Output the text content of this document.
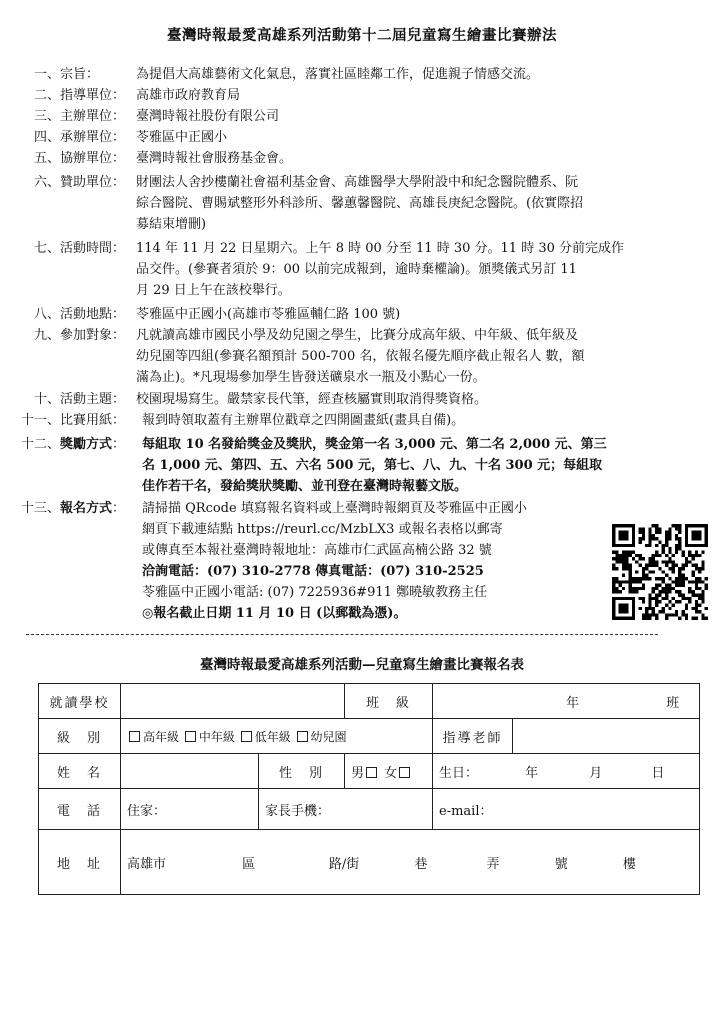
臺灣時報最愛高雄系列活動第十二屆兒童寫生繪畫比賽辦法
一、宗旨：	為提倡大高雄藝術文化氣息，落實社區睦鄰工作，促進親子情感交流。
二、指導單位： 高雄市政府教育局
三、主辦單位： 臺灣時報社股份有限公司
四、承辦單位： 苓雅區中正國小
五、協辦單位： 臺灣時報社會服務基金會。
六、贊助單位： 財團法人舍抄樓蘭社會福利基金會、高雄醫學大學附設中和紀念醫院體系、阮
綜合醫院、曹賜斌整形外科診所、馨蕙馨醫院、高雄長庚紀念醫院。(依實際招
募結束增刪)
七、活動時間： 114 年 11 月 22 日星期六。上午 8 時 00 分至 11 時 30 分。11 時 30 分前完成作
品交件。(參賽者須於 9：00 以前完成報到，逾時棄權論)。頒獎儀式另訂 11
月 29 日上午在該校舉行。
八、活動地點： 苓雅區中正國小(高雄市苓雅區輔仁路 100 號)
九、參加對象： 凡就讀高雄市國民小學及幼兒園之學生，比賽分成高年級、中年級、低年級及
幼兒園等四組(參賽名額預計 500-700 名，依報名優先順序截止報名人 數，額
滿為止)。*凡現場參加學生皆發送礦泉水一瓶及小點心一份。
十、活動主題： 校園現場寫生。嚴禁家長代筆，經查核屬實則取消得獎資格。
十一、比賽用紙： 報到時領取蓋有主辦單位戳章之四開圖畫紙(畫具自備)。
十二、獎勵方式： 每組取 10 名發給獎金及獎狀，獎金第一名 3,000 元、第二名 2,000 元、第三
名 1,000 元、第四、五、六名 500 元，第七、八、九、十名 300 元；每組取
佳作若干名，發給獎狀獎勵、並刊登在臺灣時報藝文版。
十三、報名方式： 請掃描 QRcode 填寫報名資料或上臺灣時報網頁及苓雅區中正國小
網頁下載連結點 https://reurl.cc/MzbLX3 或報名表格以郵寄
或傳真至本報社臺灣時報地址：高雄市仁武區高楠公路 32 號
洽詢電話：(07) 310-2778 傳真電話：(07) 310-2525
苓雅區中正國小電話: (07) 7225936#911 鄭曉敏教務主任
◎報名截止日期 11 月 10 日 (以郵戳為憑)。
臺灣時報最愛高雄系列活動—兒童寫生繪畫比賽報名表
就讀學校			班　級	年 班	
級　別	高年級 中年級 低年級 幼兒園			指導老師	
姓　名		性　別	男 女	生日： 年 月 日	
電　話	住家：	家長手機：		e-mail：	
地　址	高雄市 區 路/街 巷 弄 號 樓				
